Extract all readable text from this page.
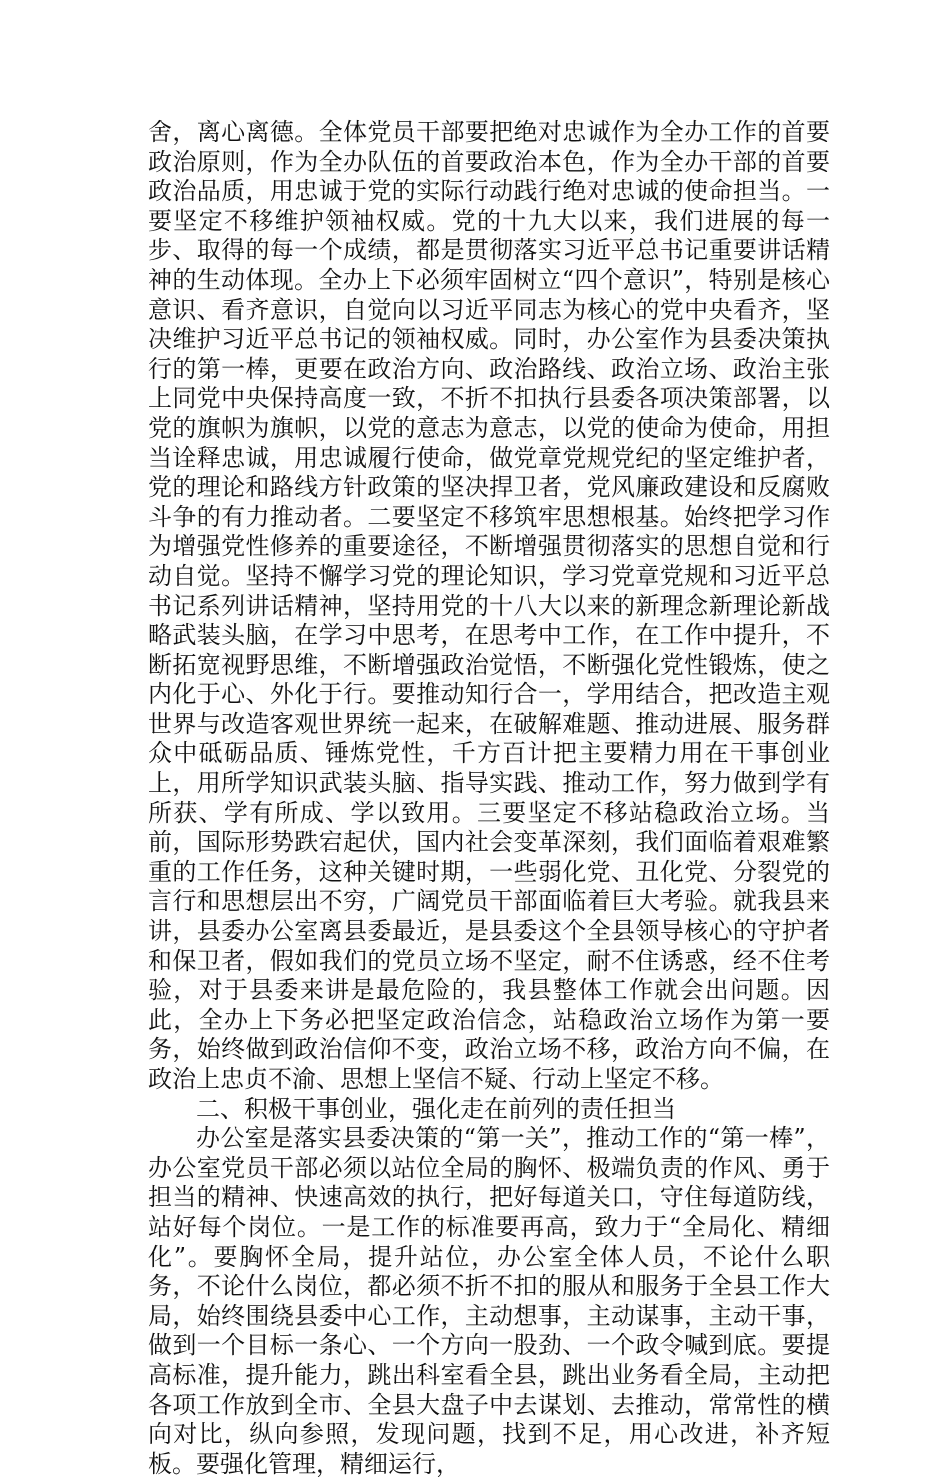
舍，离心离德。全体党员干部要把绝对忠诚作为全办工作的首要政治原则，作为全办队伍的首要政治本色，作为全办干部的首要政治品质，用忠诚于党的实际行动践行绝对忠诚的使命担当。一要坚定不移维护领袖权威。党的十九大以来，我们进展的每一步、取得的每一个成绩，都是贯彻落实习近平总书记重要讲话精神的生动体现。全办上下必须牢固树立“四个意识”，特别是核心意识、看齐意识，自觉向以习近平同志为核心的党中央看齐，坚决维护习近平总书记的领袖权威。同时，办公室作为县委决策执行的第一棒，更要在政治方向、政治路线、政治立场、政治主张上同党中央保持高度一致，不折不扣执行县委各项决策部署，以党的旗帜为旗帜，以党的意志为意志，以党的使命为使命，用担当诠释忠诚，用忠诚履行使命，做党章党规党纪的坚定维护者，党的理论和路线方针政策的坚决捍卫者，党风廉政建设和反腐败斗争的有力推动者。二要坚定不移筑牢思想根基。始终把学习作为增强党性修养的重要途径，不断增强贯彻落实的思想自觉和行动自觉。坚持不懈学习党的理论知识，学习党章党规和习近平总书记系列讲话精神，坚持用党的十八大以来的新理念新理论新战略武装头脑，在学习中思考，在思考中工作，在工作中提升，不断拓宽视野思维，不断增强政治觉悟，不断强化党性锻炼，使之内化于心、外化于行。要推动知行合一，学用结合，把改造主观世界与改造客观世界统一起来，在破解难题、推动进展、服务群众中砥砺品质、锤炼党性，千方百计把主要精力用在干事创业上，用所学知识武装头脑、指导实践、推动工作，努力做到学有所获、学有所成、学以致用。三要坚定不移站稳政治立场。当前，国际形势跌宕起伏，国内社会变革深刻，我们面临着艰难繁重的工作任务，这种关键时期，一些弱化党、丑化党、分裂党的言行和思想层出不穷，广阔党员干部面临着巨大考验。就我县来讲，县委办公室离县委最近，是县委这个全县领导核心的守护者和保卫者，假如我们的党员立场不坚定，耐不住诱惑，经不住考验，对于县委来讲是最危险的，我县整体工作就会出问题。因此，全办上下务必把坚定政治信念，站稳政治立场作为第一要务，始终做到政治信仰不变，政治立场不移，政治方向不偏，在政治上忠贞不渝、思想上坚信不疑、行动上坚定不移。

二、积极干事创业，强化走在前列的责任担当

办公室是落实县委决策的“第一关”，推动工作的“第一棒”，办公室党员干部必须以站位全局的胸怀、极端负责的作风、勇于担当的精神、快速高效的执行，把好每道关口，守住每道防线，站好每个岗位。一是工作的标准要再高，致力于“全局化、精细化”。要胸怀全局，提升站位，办公室全体人员，不论什么职务，不论什么岗位，都必须不折不扣的服从和服务于全县工作大局，始终围绕县委中心工作，主动想事，主动谋事，主动干事，做到一个目标一条心、一个方向一股劲、一个政令喊到底。要提高标准，提升能力，跳出科室看全县，跳出业务看全局，主动把各项工作放到全市、全县大盘子中去谋划、去推动，常常性的横向对比，纵向参照，发现问题，找到不足，用心改进，补齐短板。要强化管理，精细运行，
